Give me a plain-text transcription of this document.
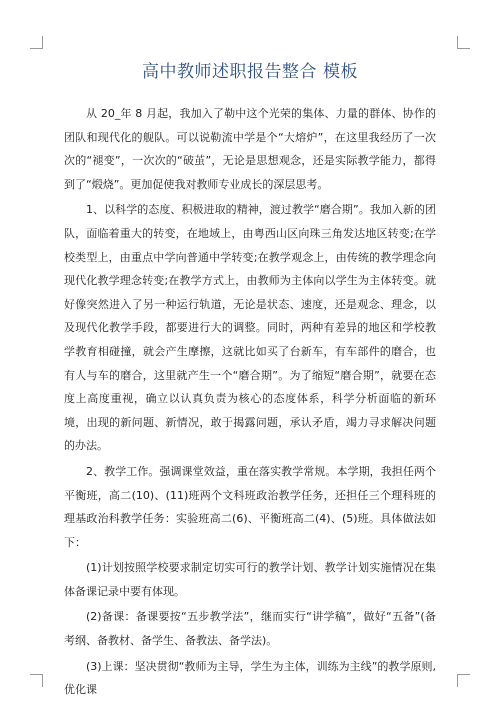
高中教师述职报告整合 模板

从 20_年 8 月起，我加入了勒中这个光荣的集体、力量的群体、协作的团队和现代化的舰队。可以说勒流中学是个“大熔炉”，在这里我经历了一次次的“褪变”，一次次的“破茧”，无论是思想观念，还是实际教学能力，都得到了“煅烧”。更加促使我对教师专业成长的深层思考。

1、以科学的态度、积极进取的精神，渡过教学“磨合期”。我加入新的团队，面临着重大的转变，在地域上，由粤西山区向珠三角发达地区转变;在学校类型上，由重点中学向普通中学转变;在教学观念上，由传统的教学理念向现代化教学理念转变;在教学方式上，由教师为主体向以学生为主体转变。就好像突然进入了另一种运行轨道，无论是状态、速度，还是观念、理念，以及现代化教学手段，都要进行大的调整。同时，两种有差异的地区和学校教学教育相碰撞，就会产生摩擦，这就比如买了台新车，有车部件的磨合，也有人与车的磨合，这里就产生一个“磨合期”。为了缩短“磨合期”，就要在态度上高度重视，确立以认真负责为核心的态度体系，科学分析面临的新环境，出现的新问题、新情况，敢于揭露问题，承认矛盾，竭力寻求解决问题的办法。

2、教学工作。强调课堂效益，重在落实教学常规。本学期，我担任两个平衡班，高二(10)、(11)班两个文科班政治教学任务，还担任三个理科班的理基政治科教学任务：实验班高二(6)、平衡班高二(4)、(5)班。具体做法如下：

(1)计划按照学校要求制定切实可行的教学计划、教学计划实施情况在集体备课记录中要有体现。

(2)备课：备课要按“五步教学法”，继而实行“讲学稿”，做好“五备”(备考纲、备教材、备学生、备教法、备学法)。

(3)上课：坚决贯彻“教师为主导，学生为主体，训练为主线”的教学原则,优化课
